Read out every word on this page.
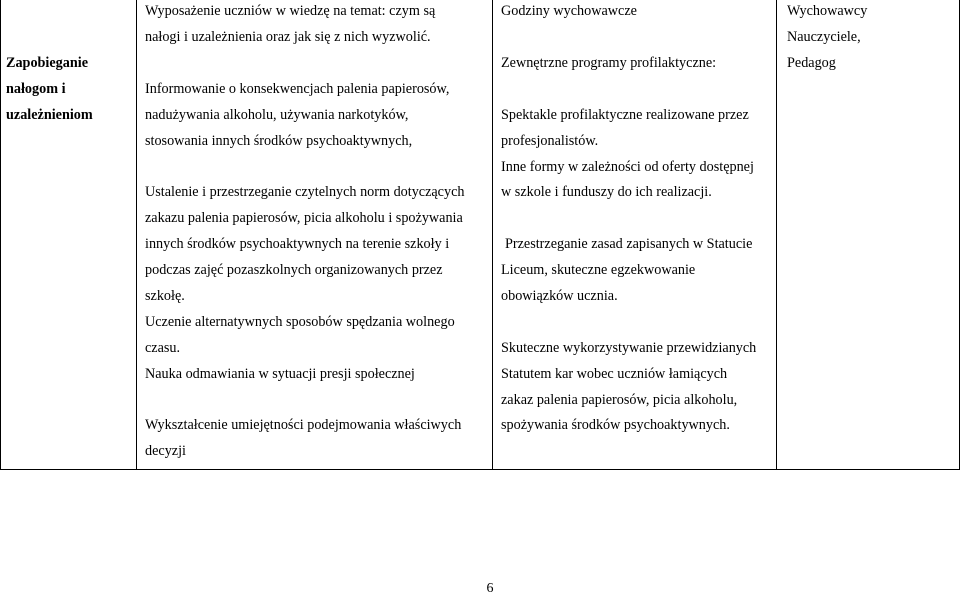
Zapobieganie
nałogom i
uzależnieniom
Wyposażenie uczniów w wiedzę na temat: czym są
nałogi i uzależnienia oraz jak się z nich wyzwolić.
Informowanie o konsekwencjach palenia papierosów,
nadużywania alkoholu, używania narkotyków,
stosowania innych środków psychoaktywnych,
Ustalenie i przestrzeganie czytelnych norm dotyczących
zakazu palenia papierosów, picia alkoholu i spożywania
innych środków psychoaktywnych na terenie szkoły i
podczas zajęć pozaszkolnych organizowanych przez
szkołę.
Uczenie alternatywnych sposobów spędzania wolnego
czasu.
Nauka odmawiania w sytuacji presji społecznej
Wykształcenie umiejętności podejmowania właściwych
decyzji
Godziny wychowawcze
Zewnętrzne programy profilaktyczne:
Spektakle profilaktyczne realizowane przez
profesjonalistów.
Inne formy w zależności od oferty dostępnej
w szkole i funduszy do ich realizacji.
Przestrzeganie zasad zapisanych w Statucie
Liceum, skuteczne egzekwowanie
obowiązków ucznia.
Skuteczne wykorzystywanie przewidzianych
Statutem kar wobec uczniów łamiących
zakaz palenia papierosów, picia alkoholu,
spożywania środków psychoaktywnych.
Wychowawcy
Nauczyciele,
Pedagog
6
